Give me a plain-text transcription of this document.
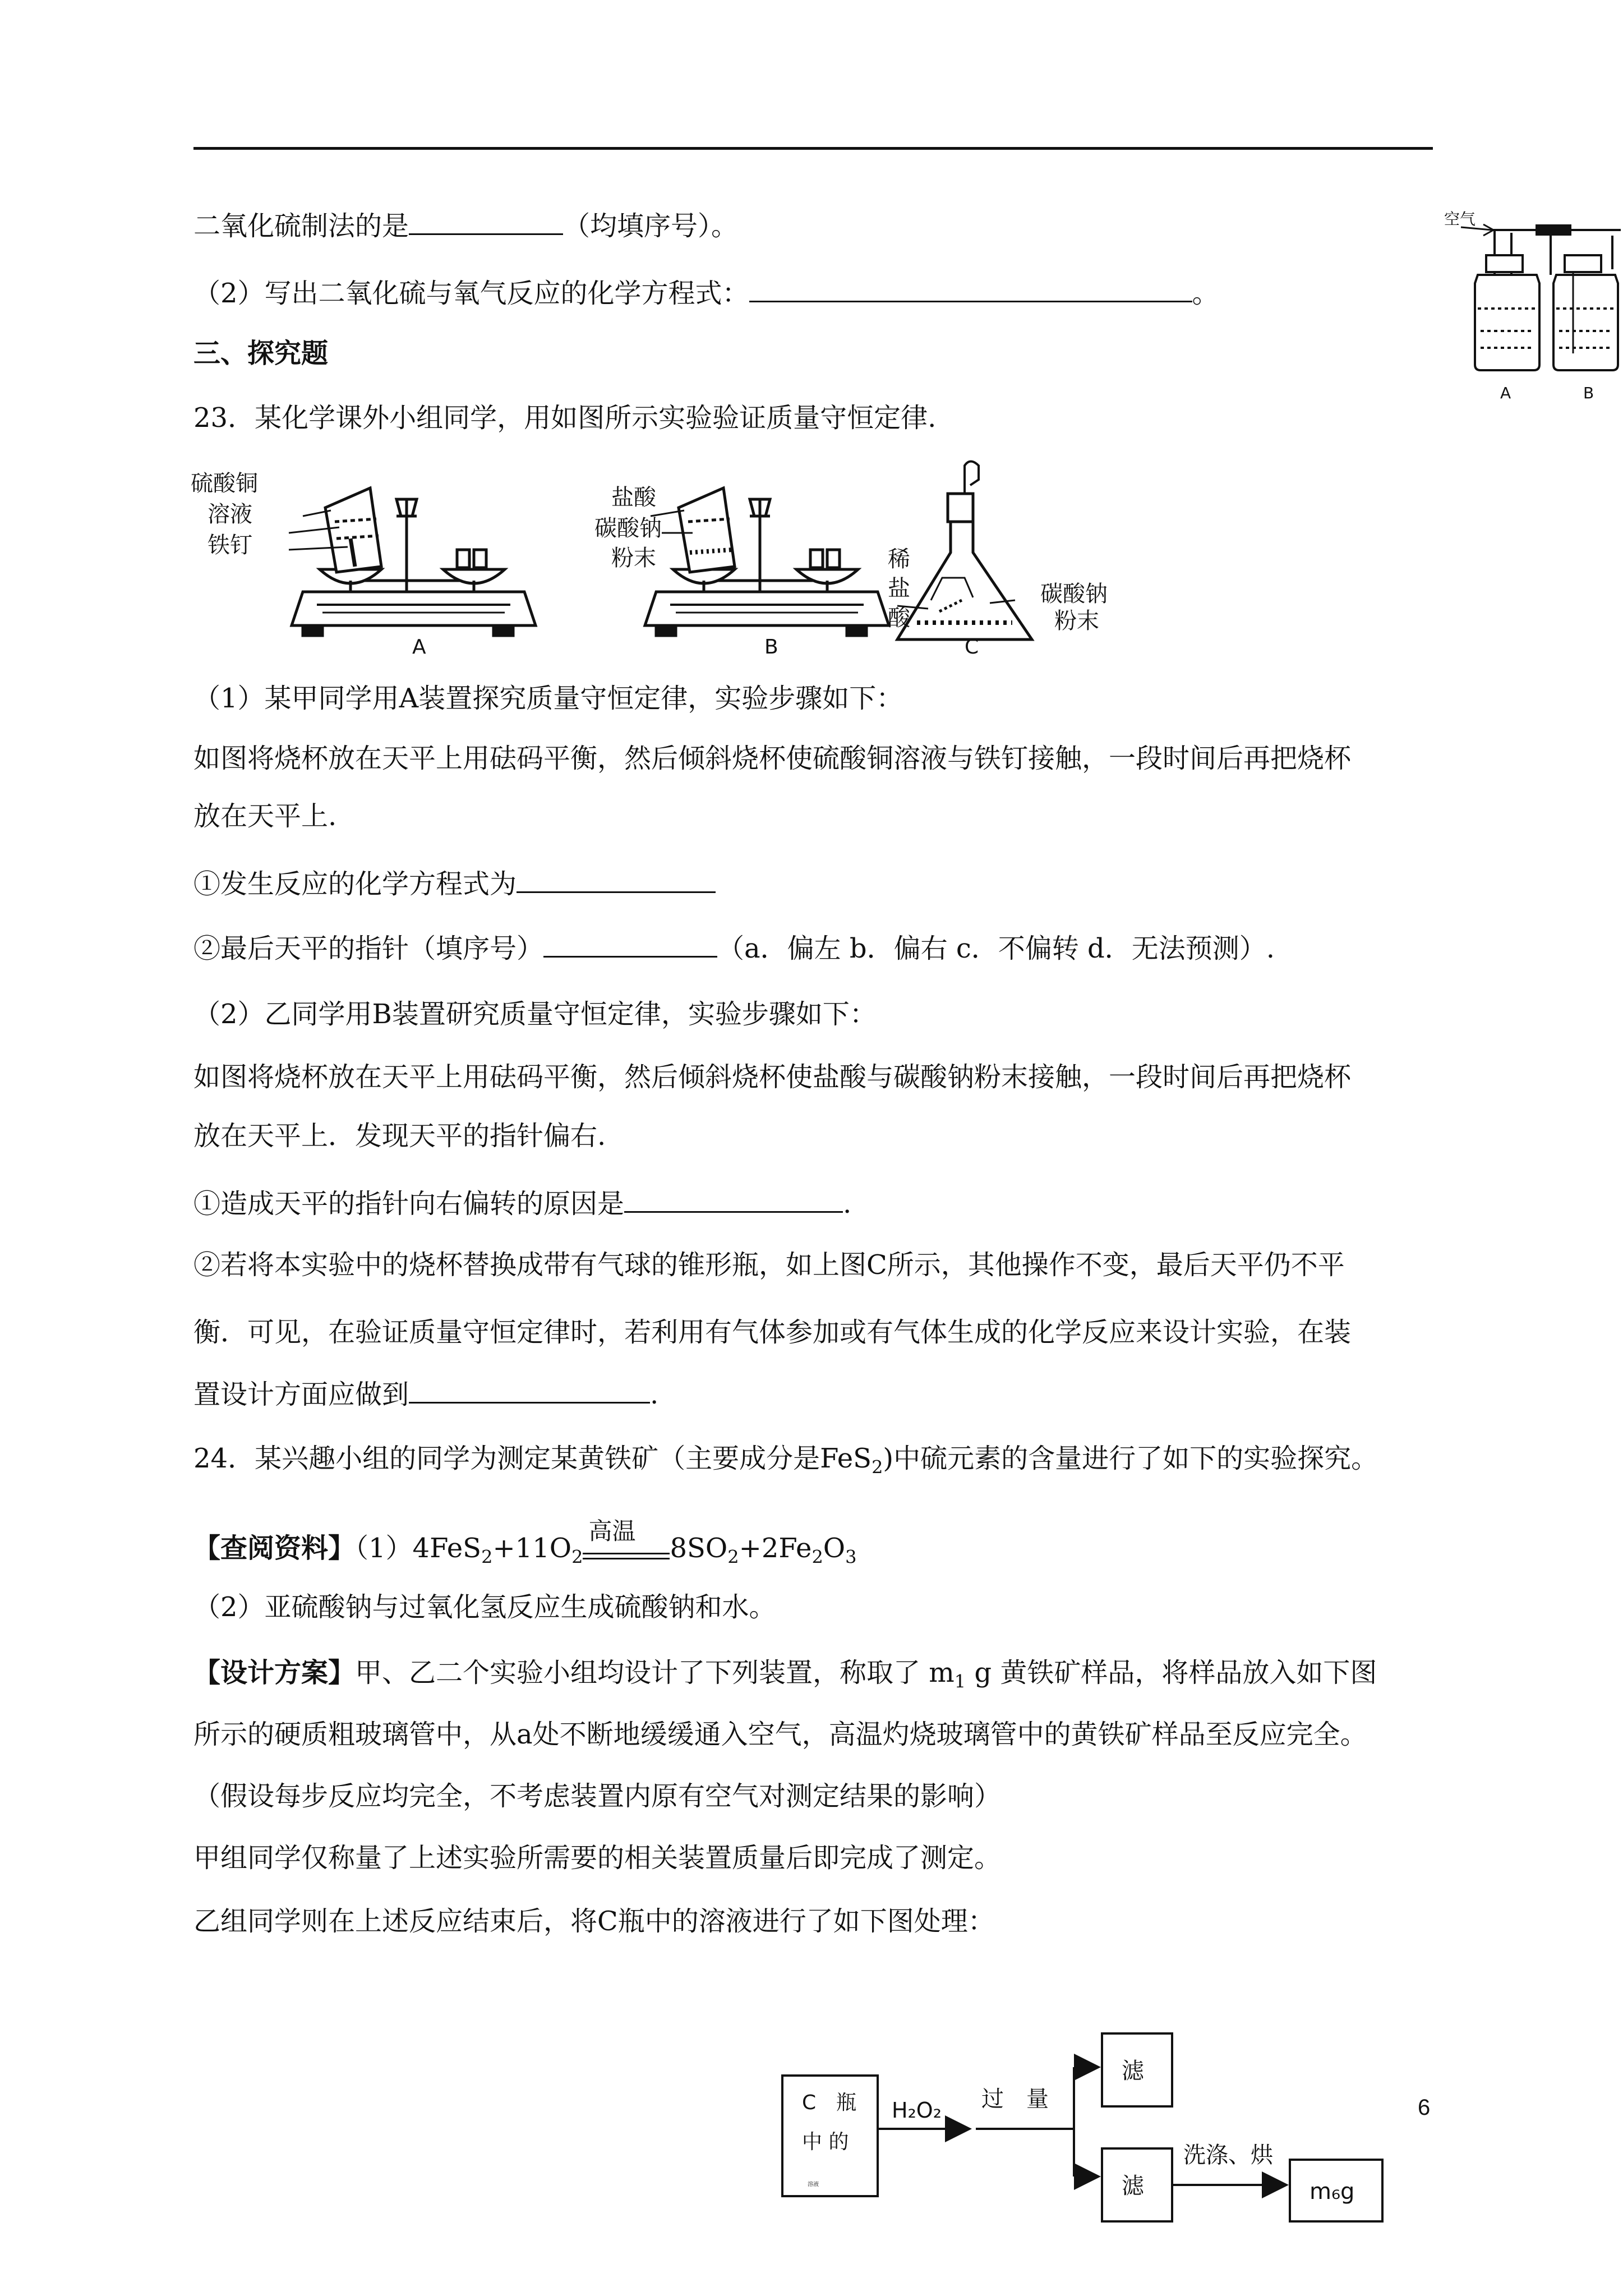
二氧化硫制法的是	（均填序号）。
（2）写出二氧化硫与氧气反应的化学方程式：	。
三、探究题
23．某化学课外小组同学，用如图所示实验验证质量守恒定律.
硫酸铜
溶液
铁钉
盐酸
碳酸钠
粉末	稀
盐
酸
碳酸钠
粉末
A	B	C
空气
A	B
（1）某甲同学用A装置探究质量守恒定律，实验步骤如下：
如图将烧杯放在天平上用砝码平衡，然后倾斜烧杯使硫酸铜溶液与铁钉接触，一段时间后再把烧杯
放在天平上.
①发生反应的化学方程式为
②最后天平的指针（填序号）	（a．偏左 b．偏右 c．不偏转 d．无法预测）.
（2）乙同学用B装置研究质量守恒定律，实验步骤如下：
如图将烧杯放在天平上用砝码平衡，然后倾斜烧杯使盐酸与碳酸钠粉末接触，一段时间后再把烧杯
放在天平上．发现天平的指针偏右.
①造成天平的指针向右偏转的原因是	.
②若将本实验中的烧杯替换成带有气球的锥形瓶，如上图C所示，其他操作不变，最后天平仍不平
衡．可见，在验证质量守恒定律时，若利用有气体参加或有气体生成的化学反应来设计实验，在装
置设计方面应做到	.
24．某兴趣小组的同学为测定某黄铁矿（主要成分是FeS$_2$)中硫元素的含量进行了如下的实验探究。
【查阅资料】$(1)4FeS_2+11O_2$
高温
$8SO_2+2Fe_2O_3$
（2）亚硫酸钠与过氧化氢反应生成硫酸钠和水。
【设计方案】甲、乙二个实验小组均设计了下列装置，称取了 $m_1$ g 黄铁矿样品，将样品放入如下图
所示的硬质粗玻璃管中，从a处不断地缓缓通入空气，高温灼烧玻璃管中的黄铁矿样品至反应完全。
（假设每步反应均完全，不考虑装置内原有空气对测定结果的影响）
甲组同学仅称量了上述实验所需要的相关装置质量后即完成了测定。
乙组同学则在上述反应结束后，将C瓶中的溶液进行了如下图处理：
C　瓶
中 的
溶液
H₂O₂ 过　量
滤
滤
洗涤、烘
m₆g
6
